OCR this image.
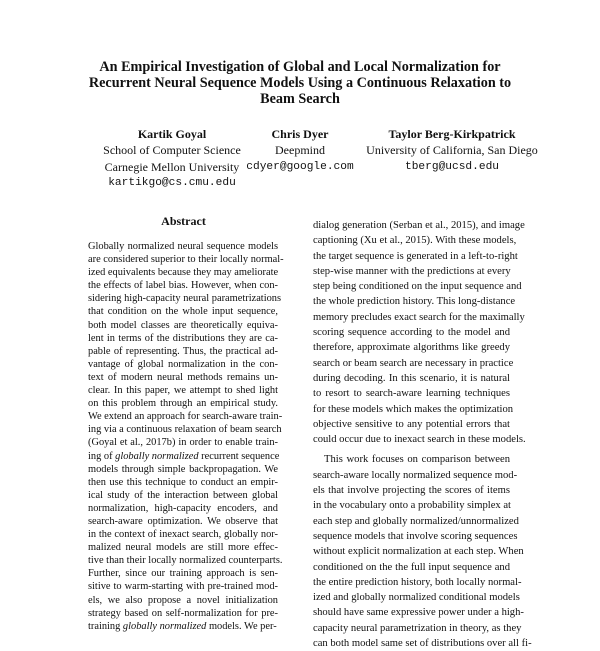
An Empirical Investigation of Global and Local Normalization for
Recurrent Neural Sequence Models Using a Continuous Relaxation to
Beam Search
Kartik Goyal
School of Computer Science
Carnegie Mellon University
kartikgo@cs.cmu.edu
Chris Dyer
Deepmind
cdyer@google.com
Taylor Berg-Kirkpatrick
University of California, San Diego
tberg@ucsd.edu
Abstract
Globally normalized neural sequence models
are considered superior to their locally normal-
ized equivalents because they may ameliorate
the effects of label bias. However, when con-
sidering high-capacity neural parametrizations
that condition on the whole input sequence,
both model classes are theoretically equiva-
lent in terms of the distributions they are ca-
pable of representing. Thus, the practical ad-
vantage of global normalization in the con-
text of modern neural methods remains un-
clear. In this paper, we attempt to shed light
on this problem through an empirical study.
We extend an approach for search-aware train-
ing via a continuous relaxation of beam search
(Goyal et al., 2017b) in order to enable train-
ing of globally normalized recurrent sequence
models through simple backpropagation. We
then use this technique to conduct an empir-
ical study of the interaction between global
normalization, high-capacity encoders, and
search-aware optimization. We observe that
in the context of inexact search, globally nor-
malized neural models are still more effec-
tive than their locally normalized counterparts.
Further, since our training approach is sen-
sitive to warm-starting with pre-trained mod-
els, we also propose a novel initialization
strategy based on self-normalization for pre-
training globally normalized models. We per-
dialog generation (Serban et al., 2015), and image
captioning (Xu et al., 2015). With these models,
the target sequence is generated in a left-to-right
step-wise manner with the predictions at every
step being conditioned on the input sequence and
the whole prediction history. This long-distance
memory precludes exact search for the maximally
scoring sequence according to the model and
therefore, approximate algorithms like greedy
search or beam search are necessary in practice
during decoding. In this scenario, it is natural
to resort to search-aware learning techniques
for these models which makes the optimization
objective sensitive to any potential errors that
could occur due to inexact search in these models.
This work focuses on comparison between
search-aware locally normalized sequence mod-
els that involve projecting the scores of items
in the vocabulary onto a probability simplex at
each step and globally normalized/unnormalized
sequence models that involve scoring sequences
without explicit normalization at each step. When
conditioned on the the full input sequence and
the entire prediction history, both locally normal-
ized and globally normalized conditional models
should have same expressive power under a high-
capacity neural parametrization in theory, as they
can both model same set of distributions over all fi-
